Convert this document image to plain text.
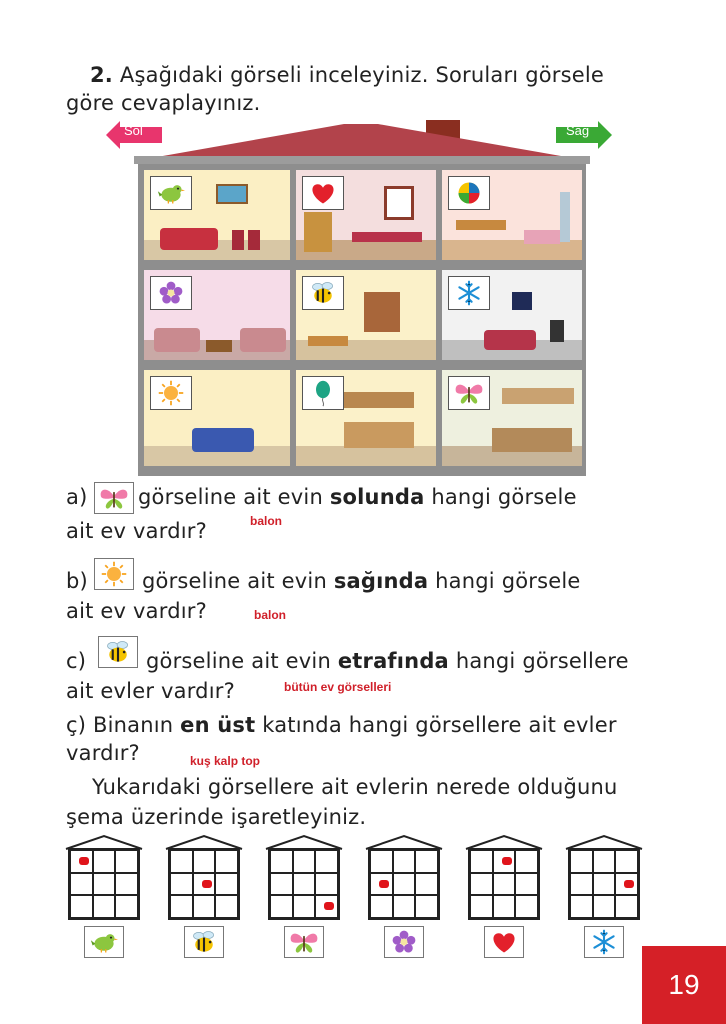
2. Aşağıdaki görseli inceleyiniz. Soruları görsele
göre cevaplayınız.
Sol	Sağ
a) görseline ait evin solunda hangi görsele
ait ev vardır?	balon
b)	görseline ait evin sağında hangi görsele
ait ev vardır?	balon
c)	görseline ait evin etrafında hangi görsellere
ait evler vardır?	bütün ev görselleri
ç) Binanın en üst katında hangi görsellere ait evler
vardır?	kuş kalp top
Yukarıdaki görsellere ait evlerin nerede olduğunu
şema üzerinde işaretleyiniz.
19
